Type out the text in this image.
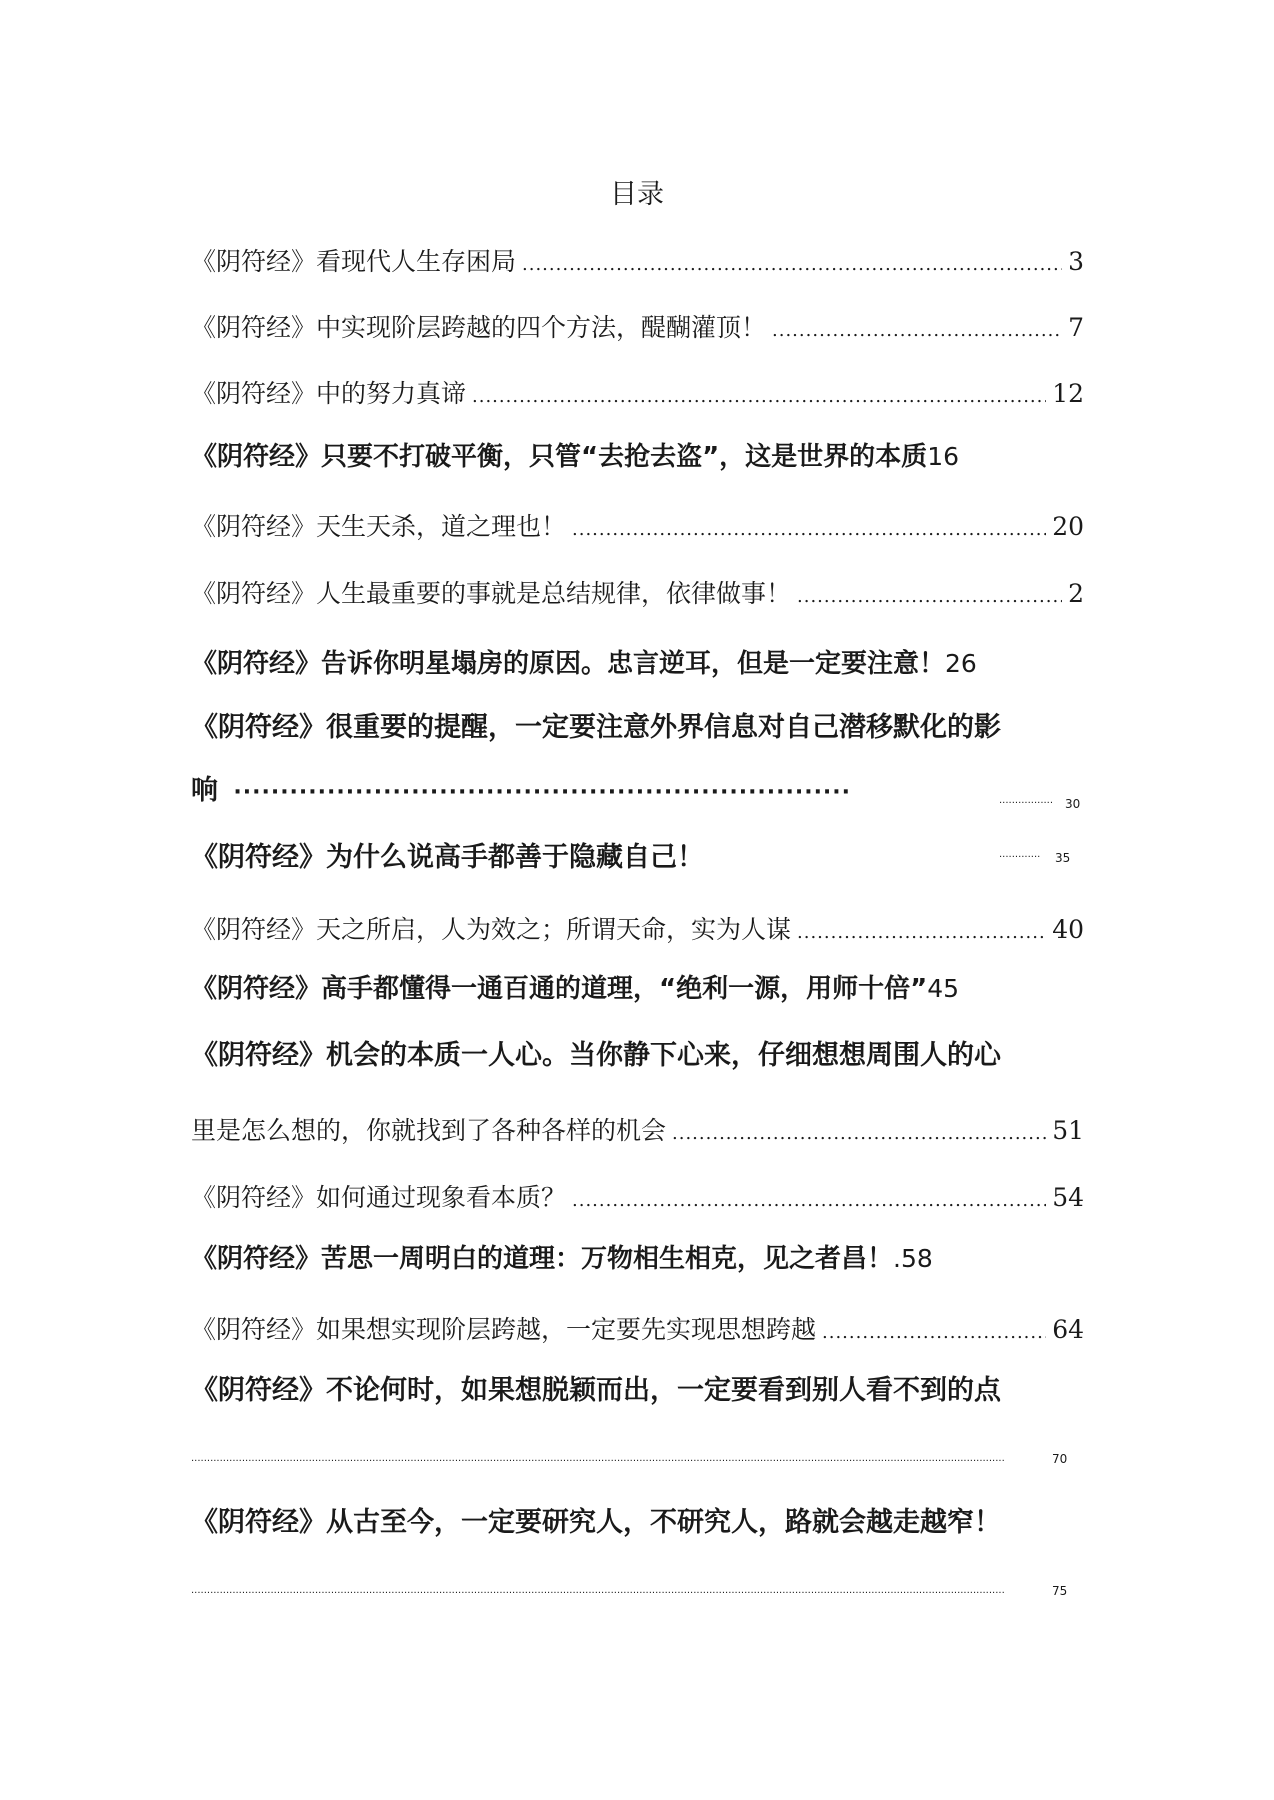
目录
《阴符经》看现代人生存困局 .....	3
《阴符经》中实现阶层跨越的四个方法，醍醐灌顶！ .....	7
《阴符经》中的努力真谛 .....	12
《阴符经》只要不打破平衡，只管“去抢去盗”，这是世界的本质 16
《阴符经》天生天杀，道之理也！ .....	20
《阴符经》人生最重要的事就是总结规律，依律做事！ .....	2
《阴符经》告诉你明星塌房的原因。忠言逆耳，但是一定要注意！ 26
《阴符经》很重要的提醒，一定要注意外界信息对自己潜移默化的影
响 ··································································	················· 30
《阴符经》为什么说高手都善于隐藏自己！	············· 35
《阴符经》天之所启，人为效之；所谓天命，实为人谋 .....	40
《阴符经》高手都懂得一通百通的道理，“绝利一源，用师十倍” 45
《阴符经》机会的本质一人心。当你静下心来，仔细想想周围人的心
里是怎么想的，你就找到了各种各样的机会 .....	51
《阴符经》如何通过现象看本质？ .....	54
《阴符经》苦思一周明白的道理：万物相生相克，见之者昌！ . 58
《阴符经》如果想实现阶层跨越，一定要先实现思想跨越 .....	64
《阴符经》不论何时，如果想脱颖而出，一定要看到别人看不到的点
································································································································································································································································	70
《阴符经》从古至今，一定要研究人，不研究人，路就会越走越窄！
································································································································································································································································	75
